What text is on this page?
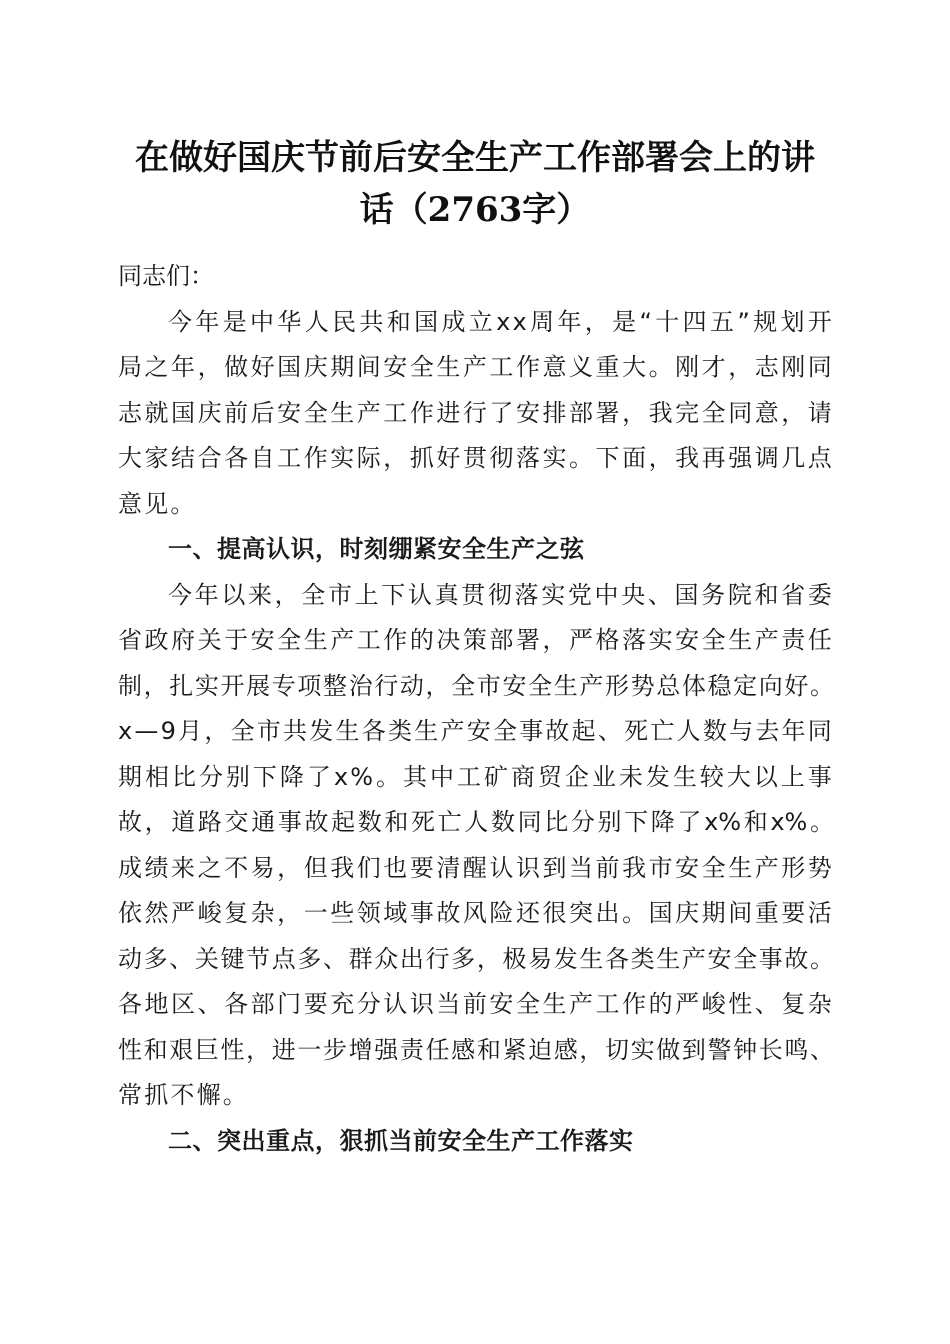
在做好国庆节前后安全生产工作部署会上的讲
话（2763字）
同志们：
今年是中华人民共和国成立xx周年，是“十四五”规划开
局之年，做好国庆期间安全生产工作意义重大。刚才，志刚同
志就国庆前后安全生产工作进行了安排部署，我完全同意，请
大家结合各自工作实际，抓好贯彻落实。下面，我再强调几点
意见。
一、提高认识，时刻绷紧安全生产之弦
今年以来，全市上下认真贯彻落实党中央、国务院和省委
省政府关于安全生产工作的决策部署，严格落实安全生产责任
制，扎实开展专项整治行动，全市安全生产形势总体稳定向好。
x—9月，全市共发生各类生产安全事故起、死亡人数与去年同
期相比分别下降了x%。其中工矿商贸企业未发生较大以上事
故，道路交通事故起数和死亡人数同比分别下降了x%和x%。
成绩来之不易，但我们也要清醒认识到当前我市安全生产形势
依然严峻复杂，一些领域事故风险还很突出。国庆期间重要活
动多、关键节点多、群众出行多，极易发生各类生产安全事故。
各地区、各部门要充分认识当前安全生产工作的严峻性、复杂
性和艰巨性，进一步增强责任感和紧迫感，切实做到警钟长鸣、
常抓不懈。
二、突出重点，狠抓当前安全生产工作落实
